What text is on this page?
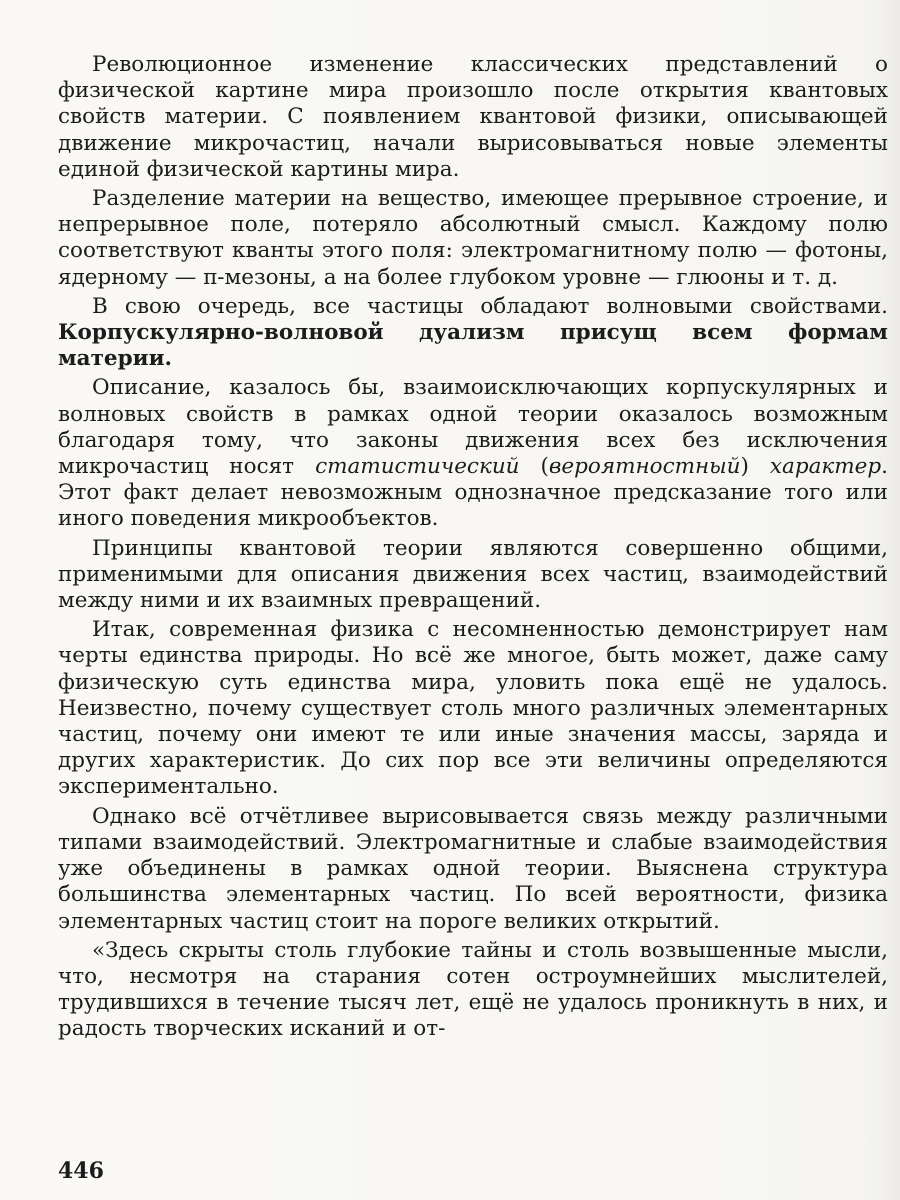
Революционное изменение классических представлений о физической картине мира произошло после открытия квантовых свойств материи. С появлением квантовой физики, описывающей движение микрочастиц, начали вырисовываться новые элементы единой физической картины мира.

Разделение материи на вещество, имеющее прерывное строение, и непрерывное поле, потеряло абсолютный смысл. Каждому полю соответствуют кванты этого поля: электромагнитному полю — фотоны, ядерному — π-мезоны, а на более глубоком уровне — глюоны и т. д.

В свою очередь, все частицы обладают волновыми свойствами. Корпускулярно-волновой дуализм присущ всем формам материи.

Описание, казалось бы, взаимоисключающих корпускулярных и волновых свойств в рамках одной теории оказалось возможным благодаря тому, что законы движения всех без исключения микрочастиц носят статистический (вероятностный) характер. Этот факт делает невозможным однозначное предсказание того или иного поведения микрообъектов.

Принципы квантовой теории являются совершенно общими, применимыми для описания движения всех частиц, взаимодействий между ними и их взаимных превращений.

Итак, современная физика с несомненностью демонстрирует нам черты единства природы. Но всё же многое, быть может, даже саму физическую суть единства мира, уловить пока ещё не удалось. Неизвестно, почему существует столь много различных элементарных частиц, почему они имеют те или иные значения массы, заряда и других характеристик. До сих пор все эти величины определяются экспериментально.

Однако всё отчётливее вырисовывается связь между различными типами взаимодействий. Электромагнитные и слабые взаимодействия уже объединены в рамках одной теории. Выяснена структура большинства элементарных частиц. По всей вероятности, физика элементарных частиц стоит на пороге великих открытий.

«Здесь скрыты столь глубокие тайны и столь возвышенные мысли, что, несмотря на старания сотен остроумнейших мыслителей, трудившихся в течение тысяч лет, ещё не удалось проникнуть в них, и радость творческих исканий и от-

446
